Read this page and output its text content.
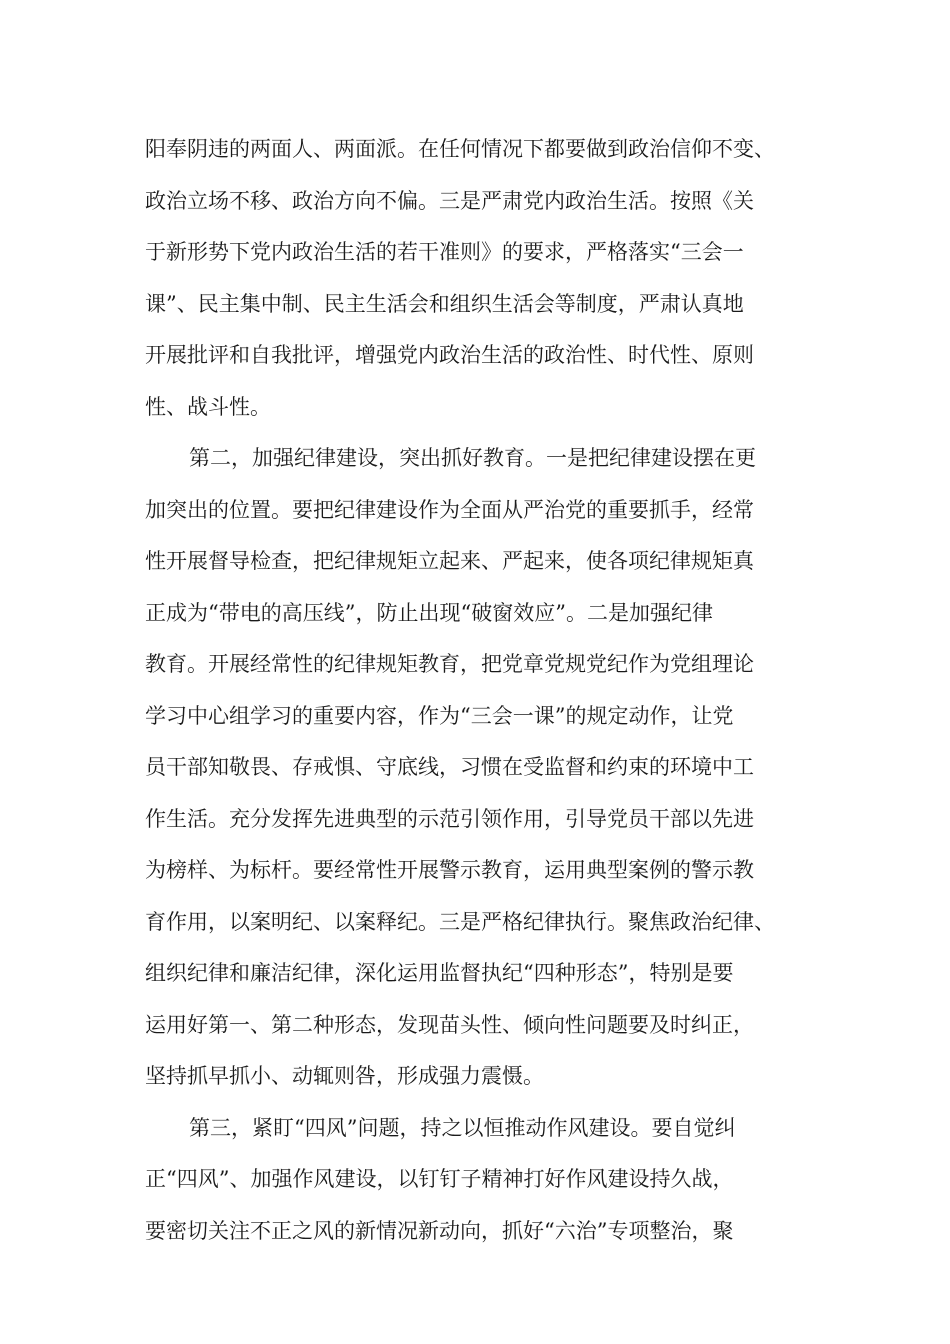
阳奉阴违的两面人、两面派。在任何情况下都要做到政治信仰不变、
政治立场不移、政治方向不偏。三是严肃党内政治生活。按照《关
于新形势下党内政治生活的若干准则》的要求，严格落实“三会一
课”、民主集中制、民主生活会和组织生活会等制度，严肃认真地
开展批评和自我批评，增强党内政治生活的政治性、时代性、原则
性、战斗性。
第二，加强纪律建设，突出抓好教育。一是把纪律建设摆在更
加突出的位置。要把纪律建设作为全面从严治党的重要抓手，经常
性开展督导检查，把纪律规矩立起来、严起来，使各项纪律规矩真
正成为“带电的高压线”，防止出现“破窗效应”。二是加强纪律
教育。开展经常性的纪律规矩教育，把党章党规党纪作为党组理论
学习中心组学习的重要内容，作为“三会一课”的规定动作，让党
员干部知敬畏、存戒惧、守底线，习惯在受监督和约束的环境中工
作生活。充分发挥先进典型的示范引领作用，引导党员干部以先进
为榜样、为标杆。要经常性开展警示教育，运用典型案例的警示教
育作用，以案明纪、以案释纪。三是严格纪律执行。聚焦政治纪律、
组织纪律和廉洁纪律，深化运用监督执纪“四种形态”，特别是要
运用好第一、第二种形态，发现苗头性、倾向性问题要及时纠正，
坚持抓早抓小、动辄则咎，形成强力震慑。
第三，紧盯“四风”问题，持之以恒推动作风建设。要自觉纠
正“四风”、加强作风建设，以钉钉子精神打好作风建设持久战，
要密切关注不正之风的新情况新动向，抓好“六治”专项整治，聚
